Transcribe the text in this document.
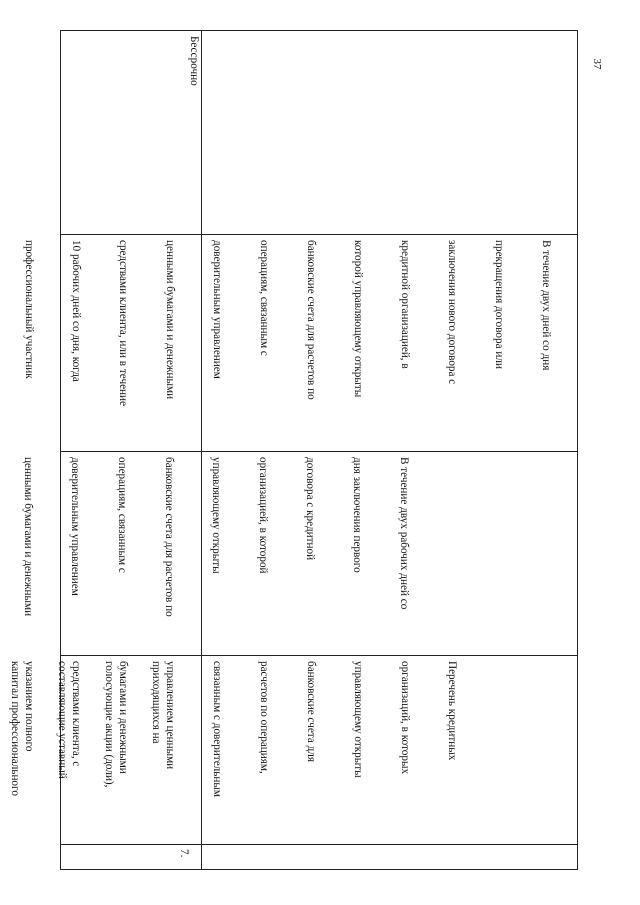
37

приходящихся на

голосующие акции (доли),

составляющие уставный

капитал профессионального

7.

Перечень кредитных

организаций, в которых

управляющему открыты

банковские счета для

расчетов по операциям,

связанным с доверительным

управлением ценными

бумагами и денежными

средствами клиента, с

указанием полного

В течение двух рабочих дней со

дня заключения первого

договора с кредитной

организацией, в которой

управляющему открыты

банковские счета для расчетов по

операциям, связанным с

доверительным управлением

ценными бумагами и денежными

В течение двух дней со дня

прекращения договора или

заключения нового договора с

кредитной организацией, в

которой управляющему открыты

банковские счета для расчетов по

операциям, связанным с

доверительным управлением

ценными бумагами и денежными

средствами клиента, или в течение

10 рабочих дней со дня, когда

профессиональный участник

Бессрочно
